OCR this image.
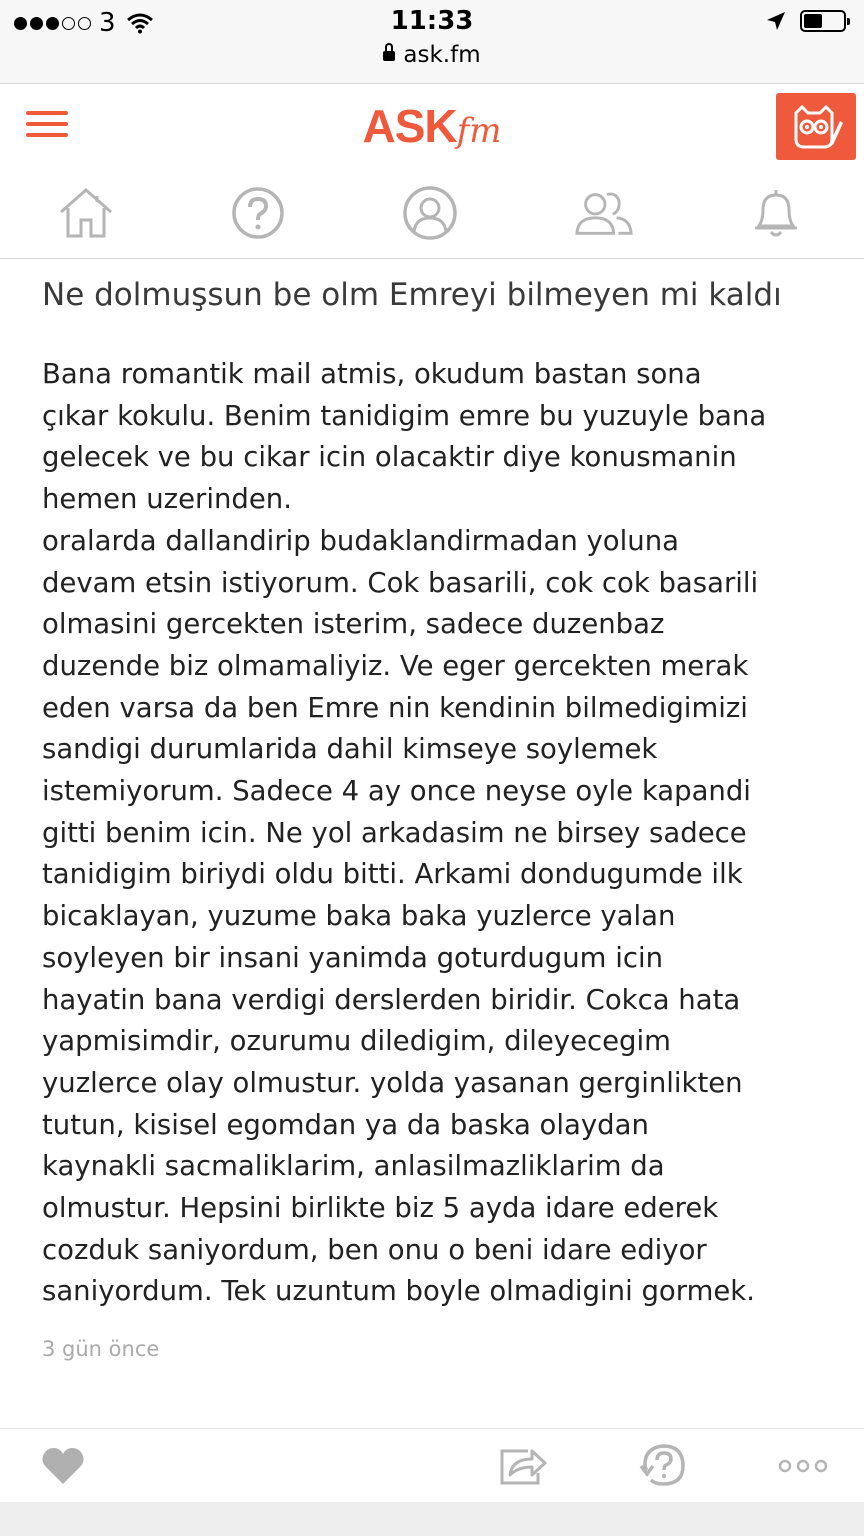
3	11:33
ask.fm
ASKfm
Ne dolmuşsun be olm Emreyi bilmeyen mi kaldı
Bana romantik mail atmis, okudum bastan sona
çıkar kokulu. Benim tanidigim emre bu yuzuyle bana
gelecek ve bu cikar icin olacaktir diye konusmanin
hemen uzerinden.
oralarda dallandirip budaklandirmadan yoluna
devam etsin istiyorum. Cok basarili, cok cok basarili
olmasini gercekten isterim, sadece duzenbaz
duzende biz olmamaliyiz. Ve eger gercekten merak
eden varsa da ben Emre nin kendinin bilmedigimizi
sandigi durumlarida dahil kimseye soylemek
istemiyorum. Sadece 4 ay once neyse oyle kapandi
gitti benim icin. Ne yol arkadasim ne birsey sadece
tanidigim biriydi oldu bitti. Arkami dondugumde ilk
bicaklayan, yuzume baka baka yuzlerce yalan
soyleyen bir insani yanimda goturdugum icin
hayatin bana verdigi derslerden biridir. Cokca hata
yapmisimdir, ozurumu diledigim, dileyecegim
yuzlerce olay olmustur. yolda yasanan gerginlikten
tutun, kisisel egomdan ya da baska olaydan
kaynakli sacmaliklarim, anlasilmazliklarim da
olmustur. Hepsini birlikte biz 5 ayda idare ederek
cozduk saniyordum, ben onu o beni idare ediyor
saniyordum. Tek uzuntum boyle olmadigini gormek.
3 gün önce
